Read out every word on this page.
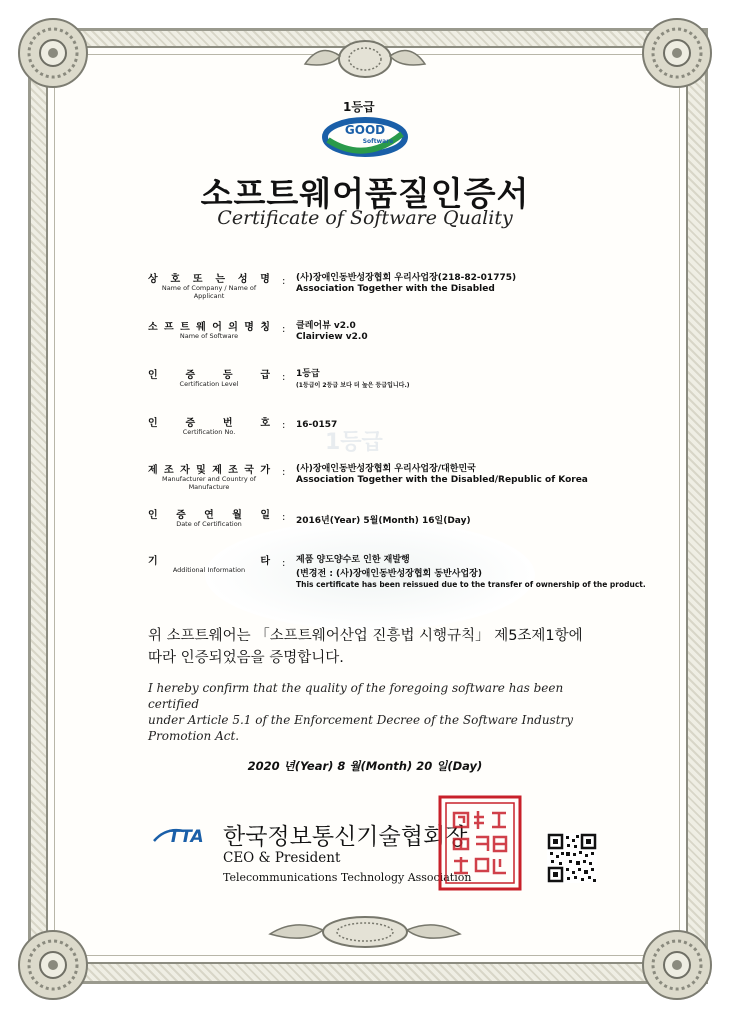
1등급
GOOD
Software
소프트웨어품질인증서
Certificate of Software Quality
1등급
상 호 또 는 성 명
Name of Company / Name of Applicant
: (사)장애인동반성장협회 우리사업장(218-82-01775)
Association Together with the Disabled
소 프 트 웨 어 의 명 칭
Name of Software
: 클레어뷰 v2.0
Clairview v2.0
인	증	등	급
Certification Level
: 1등급
(1등급이 2등급 보다 더 높은 등급입니다.)
인	증	번	호
Certification No.
: 16-0157
제 조 자 및 제 조 국 가
Manufacturer and Country of Manufacture
: (사)장애인동반성장협회 우리사업장/대한민국
Association Together with the Disabled/Republic of Korea
인 증 연 월 일
Date of Certification
: 2016년(Year) 5월(Month) 16일(Day)
기	타
Additional Information
: 제품 양도양수로 인한 재발행
(변경전 : (사)장애인동반성장협회 동반사업장)
This certificate has been reissued due to the transfer of ownership of the product.
위 소프트웨어는 「소프트웨어산업 진흥법 시행규칙」 제5조제1항에
따라 인증되었음을 증명합니다.
I hereby confirm that the quality of the foregoing software has been certified
under Article 5.1 of the Enforcement Decree of the Software Industry
Promotion Act.
2020 년(Year) 8 월(Month) 20 일(Day)
TTA 한국정보통신기술협회장
CEO & President
Telecommunications Technology Association
